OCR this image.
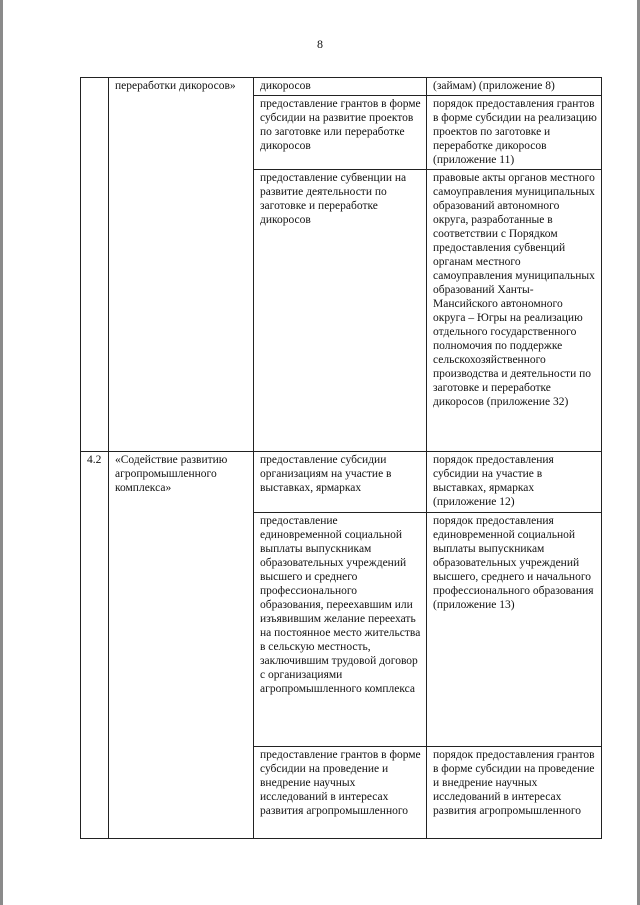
8
	переработки дикоросов»	дикоросов	(займам) (приложение 8)
		предоставление грантов в форме субсидии на развитие проектов по заготовке или переработке дикоросов	порядок предоставления грантов в форме субсидии на реализацию проектов по заготовке и переработке дикоросов (приложение 11)
		предоставление субвенции на развитие деятельности по заготовке и переработке дикоросов	правовые акты органов местного самоуправления муниципальных образований автономного округа, разработанные в соответствии с Порядком предоставления субвенций органам местного самоуправления муниципальных образований Ханты-Мансийского автономного округа – Югры на реализацию отдельного государственного полномочия по поддержке сельскохозяйственного производства и деятельности по заготовке и переработке дикоросов (приложение 32)
4.2	«Содействие развитию агропромышленного комплекса»	предоставление субсидии организациям на участие в выставках, ярмарках	порядок предоставления субсидии на участие в выставках, ярмарках (приложение 12)
		предоставление единовременной социальной выплаты выпускникам образовательных учреждений высшего и среднего профессионального образования, переехавшим или изъявившим желание переехать на постоянное место жительства в сельскую местность, заключившим трудовой договор с организациями агропромышленного комплекса	порядок предоставления единовременной социальной выплаты выпускникам образовательных учреждений высшего, среднего и начального профессионального образования (приложение 13)
		предоставление грантов в форме субсидии на проведение и внедрение научных исследований в интересах развития агропромышленного	порядок предоставления грантов в форме субсидии на проведение и внедрение научных исследований в интересах развития агропромышленного
